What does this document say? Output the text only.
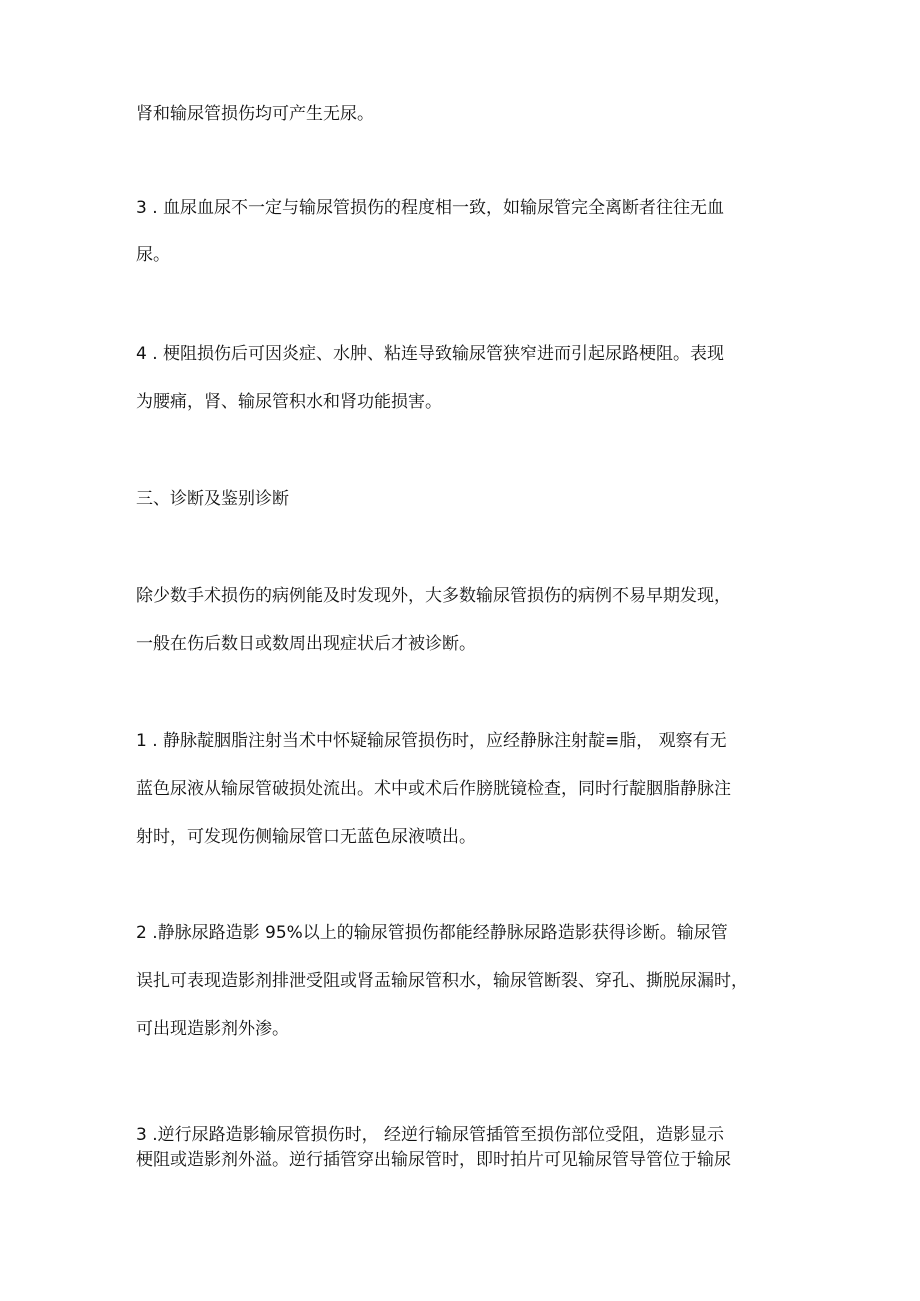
肾和输尿管损伤均可产生无尿。

3 . 血尿血尿不一定与输尿管损伤的程度相一致，如输尿管完全离断者往往无血

尿。

4 . 梗阻损伤后可因炎症、水肿、粘连导致输尿管狭窄进而引起尿路梗阻。表现

为腰痛，肾、输尿管积水和肾功能损害。

三、诊断及鉴别诊断

除少数手术损伤的病例能及时发现外，大多数输尿管损伤的病例不易早期发现，

一般在伤后数日或数周出现症状后才被诊断。

1 . 静脉靛胭脂注射当术中怀疑输尿管损伤时，应经静脉注射靛≡脂， 观察有无

蓝色尿液从输尿管破损处流出。术中或术后作膀胱镜检查，同时行靛胭脂静脉注

射时，可发现伤侧输尿管口无蓝色尿液喷出。

2 .静脉尿路造影 95%以上的输尿管损伤都能经静脉尿路造影获得诊断。输尿管

误扎可表现造影剂排泄受阻或肾盂输尿管积水，输尿管断裂、穿孔、撕脱尿漏时，

可出现造影剂外渗。

3 .逆行尿路造影输尿管损伤时， 经逆行输尿管插管至损伤部位受阻，造影显示

梗阻或造影剂外溢。逆行插管穿出输尿管时，即时拍片可见输尿管导管位于输尿
